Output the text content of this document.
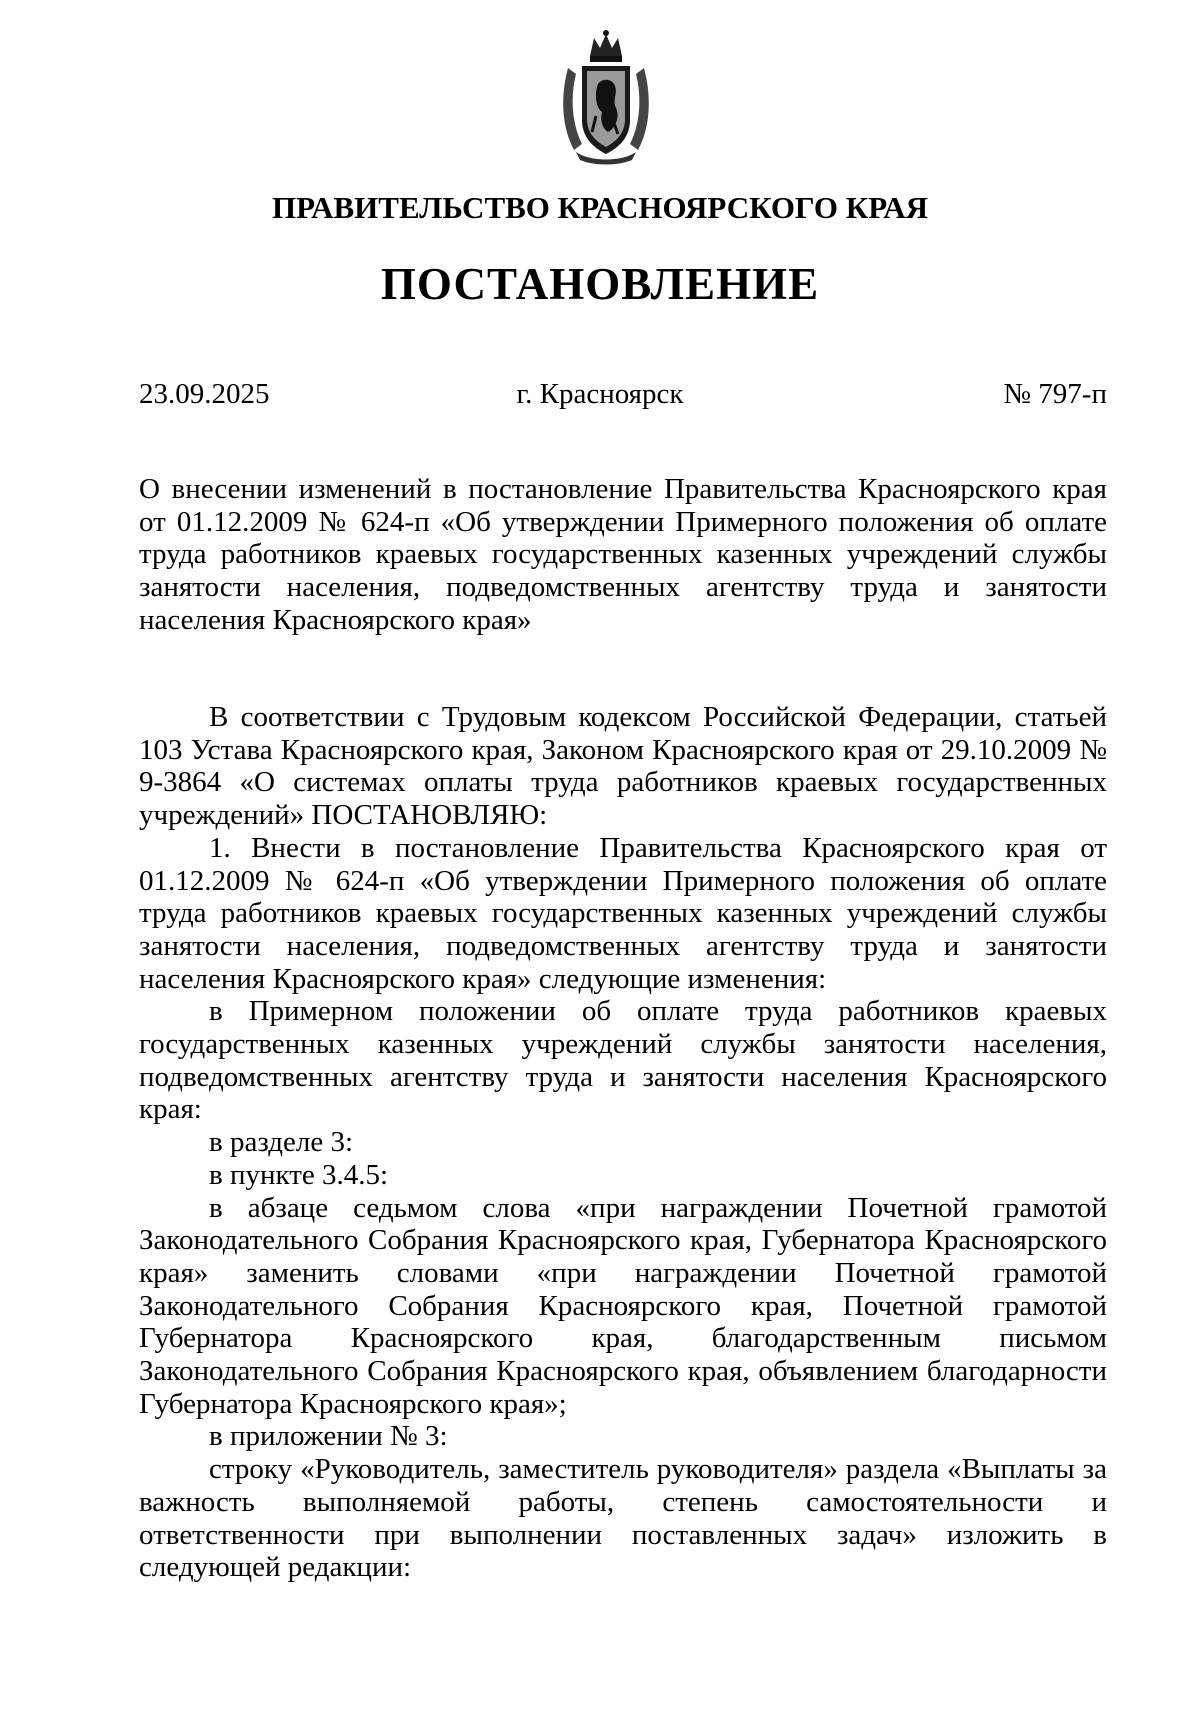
ПРАВИТЕЛЬСТВО КРАСНОЯРСКОГО КРАЯ
ПОСТАНОВЛЕНИЕ
23.09.2025	г. Красноярск	№ 797-п

О внесении изменений в постановление Правительства Красноярского края от 01.12.2009 № 624-п «Об утверждении Примерного положения об оплате труда работников краевых государственных казенных учреждений службы занятости населения, подведомственных агентству труда и занятости населения Красноярского края»

В соответствии с Трудовым кодексом Российской Федерации, статьей 103 Устава Красноярского края, Законом Красноярского края от 29.10.2009 № 9-3864 «О системах оплаты труда работников краевых государственных учреждений» ПОСТАНОВЛЯЮ:

1. Внести в постановление Правительства Красноярского края от 01.12.2009 № 624-п «Об утверждении Примерного положения об оплате труда работников краевых государственных казенных учреждений службы занятости населения, подведомственных агентству труда и занятости населения Красноярского края» следующие изменения:

в Примерном положении об оплате труда работников краевых государственных казенных учреждений службы занятости населения, подведомственных агентству труда и занятости населения Красноярского края:

в разделе 3:

в пункте 3.4.5:

в абзаце седьмом слова «при награждении Почетной грамотой Законодательного Собрания Красноярского края, Губернатора Красноярского края» заменить словами «при награждении Почетной грамотой Законодательного Собрания Красноярского края, Почетной грамотой Губернатора Красноярского края, благодарственным письмом Законодательного Собрания Красноярского края, объявлением благодарности Губернатора Красноярского края»;

в приложении № 3:

строку «Руководитель, заместитель руководителя» раздела «Выплаты за важность выполняемой работы, степень самостоятельности и ответственности при выполнении поставленных задач» изложить в следующей редакции:
